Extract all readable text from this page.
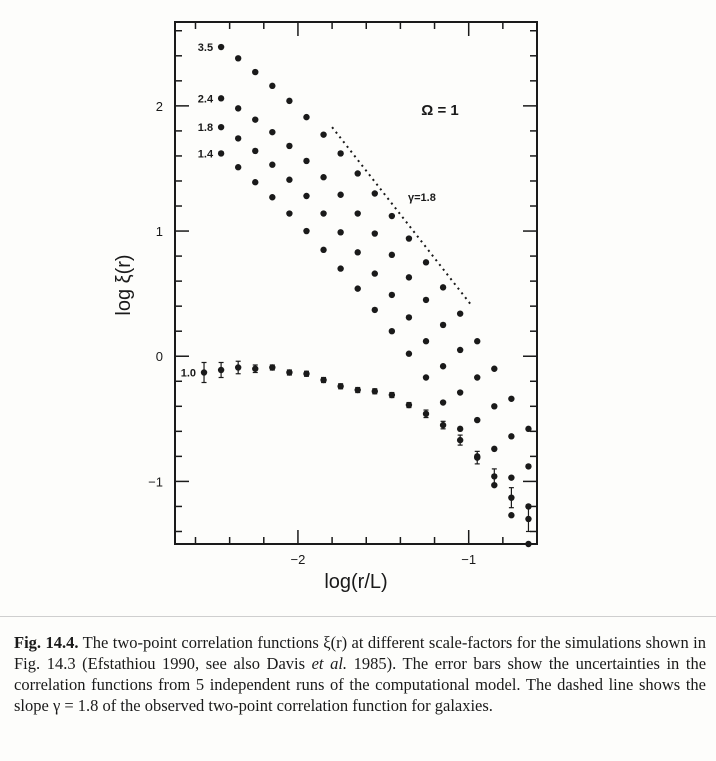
2
1
0
−1
−2	−1
3.5
2.4
1.8
1.4
1.0
Ω = 1
γ=1.8
log(r/L)
log ξ(r)
Fig. 14.4. The two-point correlation functions ξ(r) at different scale-factors for the simulations shown in Fig. 14.3 (Efstathiou 1990, see also Davis et al. 1985). The error bars show the uncertainties in the correlation functions from 5 independent runs of the computational model. The dashed line shows the slope γ = 1.8 of the observed two-point correlation function for galaxies.
